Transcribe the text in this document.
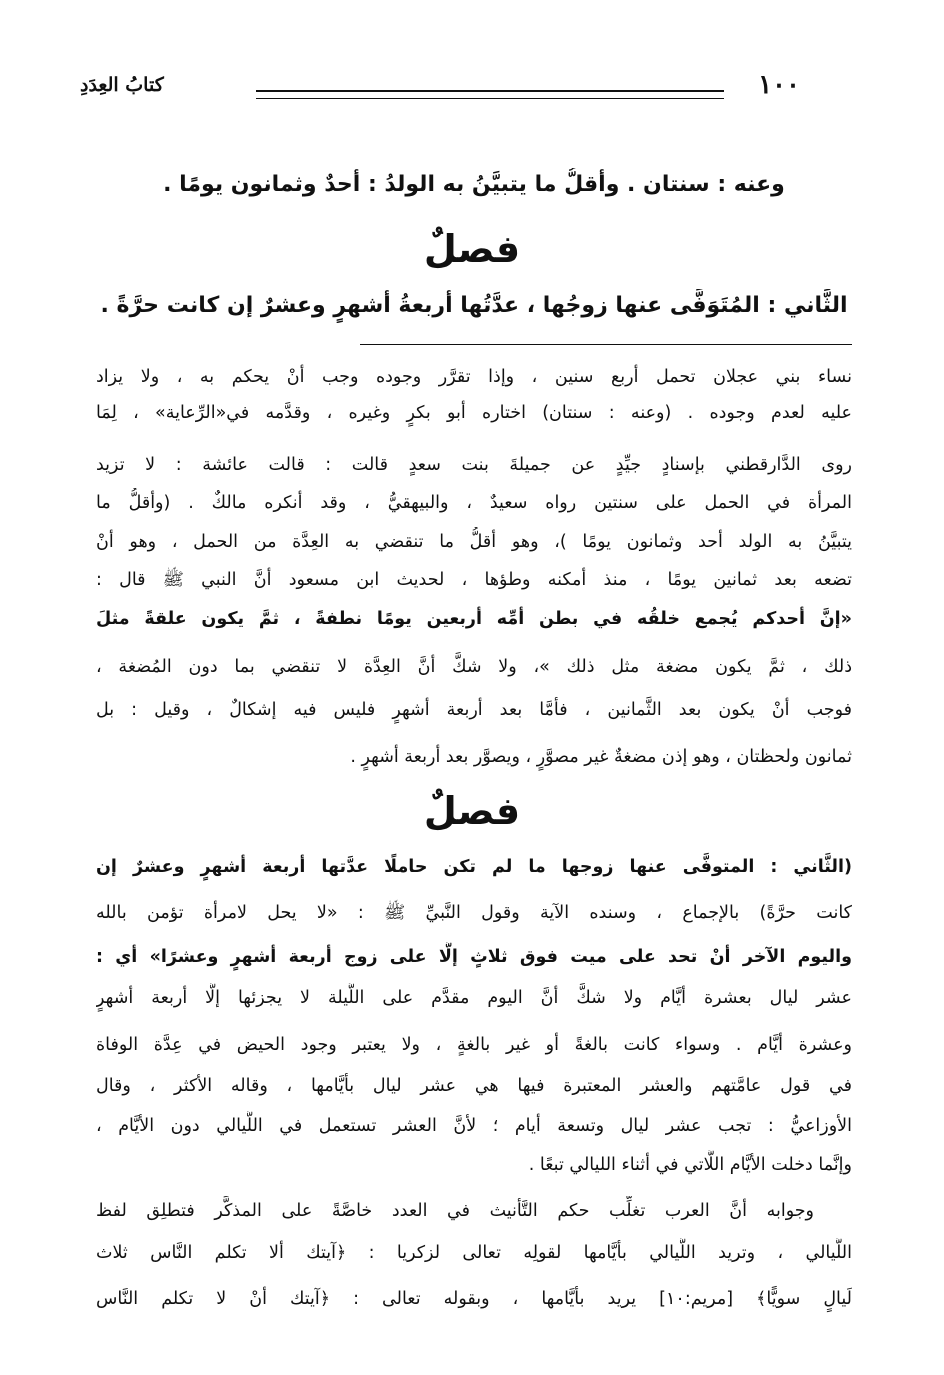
١٠٠
كتابُ العِدَدِ
وعنه : سنتان . وأقلُّ ما يتبيَّنُ به الولدُ : أحدٌ وثمانون يومًا .
فصلٌ
الثَّاني : المُتَوَفَّى عنها زوجُها ، عدَّتُها أربعةُ أشهرٍ وعشرٌ إن كانت حرَّةً .
نساء بني عجلان تحمل أربع سنين ، وإذا تقرَّر وجوده وجب أنْ يحكم به ، ولا يزاد
عليه لعدم وجوده . (وعنه : سنتان) اختاره أبو بكرٍ وغيره ، وقدَّمه في«الرِّعاية» ، لِمَا
روى الدَّارقطني بإسنادٍ جيِّدٍ عن جميلةَ بنت سعدٍ قالت : قالت عائشة : لا تزيد
المرأة في الحمل على سنتين رواه سعيدٌ ، والبيهقيُّ ، وقد أنكره مالكٌ . (وأقلُّ ما
يتبيَّنُ به الولد أحد وثمانون يومًا )، وهو أقلُّ ما تنقضي به العِدَّة من الحمل ، وهو أنْ
تضعه بعد ثمانين يومًا ، منذ أمكنه وطؤها ، لحديث ابن مسعود أنَّ النبي ﷺ قال :
«إنَّ أحدكم يُجمع خلقُه في بطن أمِّه أربعين يومًا نطفةً ، ثمَّ يكون علقةً مثلَ
ذلك ، ثمَّ يكون مضغة مثل ذلك »، ولا شكَّ أنَّ العِدَّة لا تنقضي بما دون المُضغة ،
فوجب أنْ يكون بعد الثَّمانين ، فأمَّا بعد أربعة أشهرٍ فليس فيه إشكالٌ ، وقيل : بل
ثمانون ولحظتان ، وهو إذن مضغةٌ غير مصوَّرٍ ، ويصوَّر بعد أربعة أشهرٍ .
فصلٌ
(الثَّاني : المتوفَّى عنها زوجها ما لم تكن حاملًا عدَّتها أربعة أشهرٍ وعشرٌ إن
كانت حرَّةً) بالإجماع ، وسنده الآية وقول النَّبيِّ ﷺ : «لا يحل لامرأة تؤمن بالله
واليوم الآخر أنْ تحد على ميت فوق ثلاثٍ إلَّا على زوج أربعة أشهرٍ وعشرًا» أي :
عشر ليال بعشرة أيَّام ولا شكَّ أنَّ اليوم مقدَّم على اللَّيلة لا يجزئها إلَّا أربعة أشهرٍ
وعشرة أيَّام . وسواء كانت بالغةً أو غير بالغةٍ ، ولا يعتبر وجود الحيض في عِدَّة الوفاة
في قول عامَّتهم والعشر المعتبرة فيها هي عشر ليال بأيَّامها ، وقاله الأكثر ، وقال
الأوزاعيُّ : تجب عشر ليال وتسعة أيام ؛ لأنَّ العشر تستعمل في اللَّيالي دون الأيَّام ،
وإنَّما دخلت الأيَّام اللَّاتي في أثناء الليالي تبعًا .
وجوابه أنَّ العرب تغلِّب حكم التَّأنيث في العدد خاصَّةً على المذكَّر فتطلِق لفظ
اللَّيالي ، وتريد اللَّيالي بأيَّامها لقولِه تعالى لزكريا : ﴿آيتك ألا تكلم النَّاس ثلاث
لَيالٍ سويًّا﴾ [مريم:١٠] يريد بأيَّامها ، وبقوله تعالى : ﴿آيتك أنْ لا تكلم النَّاس
